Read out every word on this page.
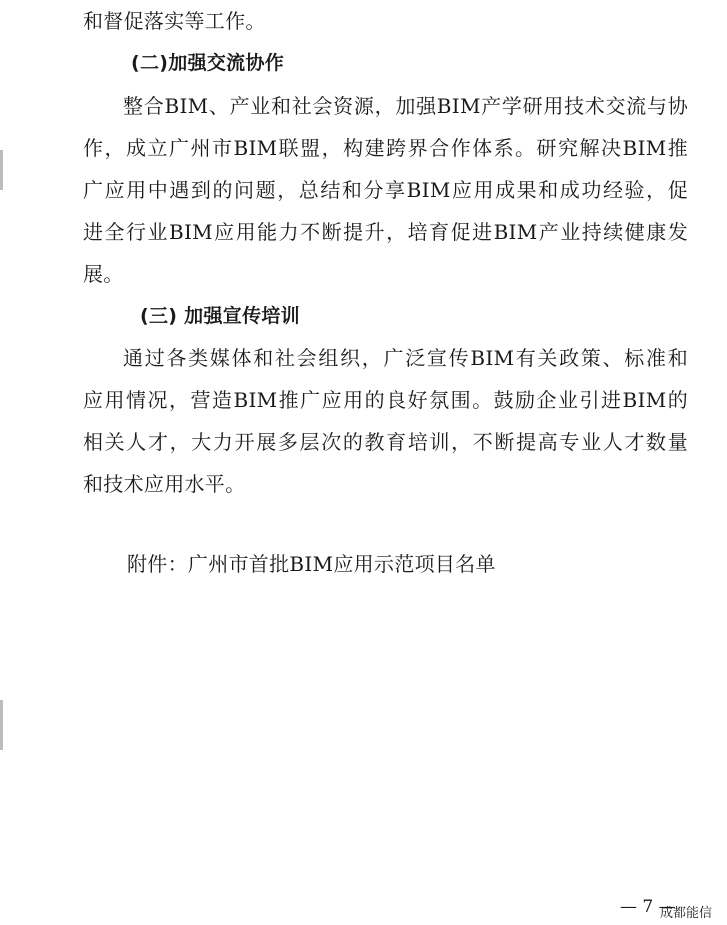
和督促落实等工作。
(二)加强交流协作
整合BIM、产业和社会资源，加强BIM产学研用技术交流与协
作，成立广州市BIM联盟，构建跨界合作体系。研究解决BIM推
广应用中遇到的问题，总结和分享BIM应用成果和成功经验，促
进全行业BIM应用能力不断提升，培育促进BIM产业持续健康发
展。
(三) 加强宣传培训
通过各类媒体和社会组织，广泛宣传BIM有关政策、标准和
应用情况，营造BIM推广应用的良好氛围。鼓励企业引进BIM的
相关人才，大力开展多层次的教育培训，不断提高专业人才数量
和技术应用水平。
附件：广州市首批BIM应用示范项目名单
— 7 —
成都能信
